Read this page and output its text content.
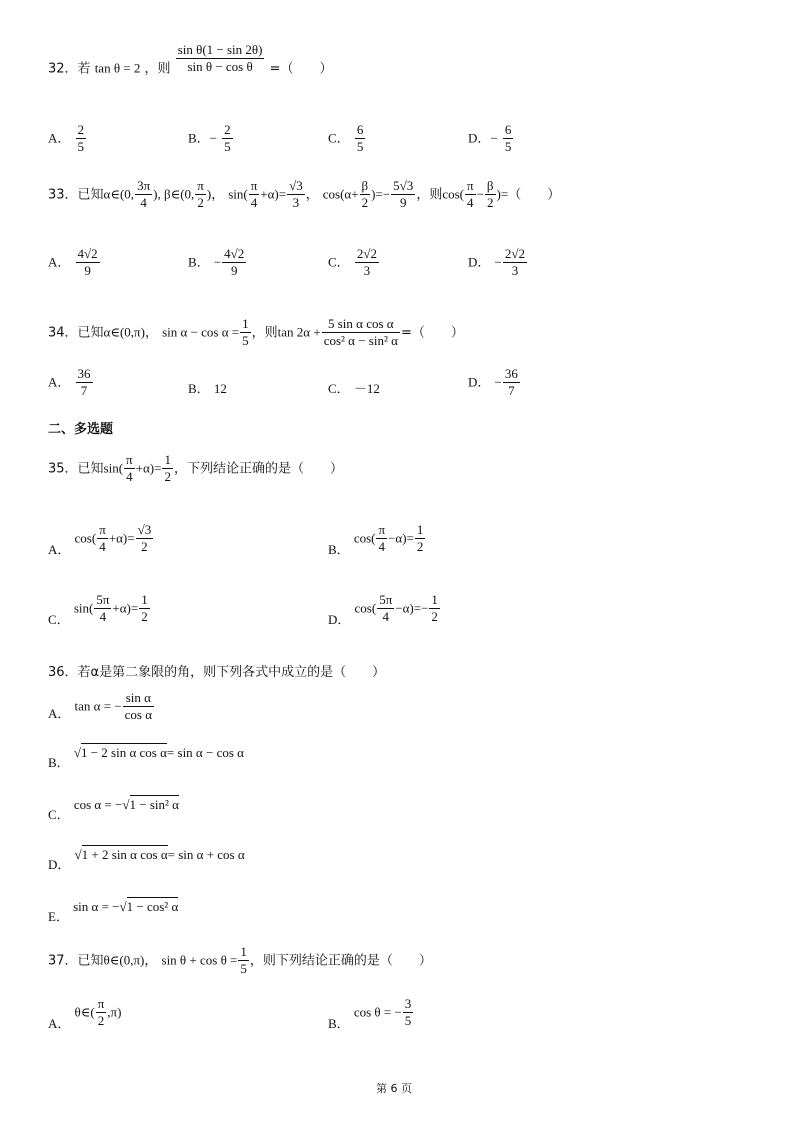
32．若 tan θ = 2 ，则 $\frac{\text{sin θ(1 − sin 2θ)}}{\text{sin θ − cos θ}}$ =（　　）
A． $\frac{2}{5}$	B．− $\frac{2}{5}$	C． $\frac{6}{5}$	D．− $\frac{6}{5}$
33．已知α∈(0, $\frac{3\pi}{4}$ ), β∈(0, $\frac{\pi}{2}$ )， $\sin( \frac{\pi}{4} +\alpha)= \frac{√3}{3}$ ， $\cos(\alpha+ \frac{\beta}{2}$ )=− $\frac{5√3}{9}$ ，则$\cos( \frac{\pi}{4} - \frac{\beta}{2}$ )=（　　）
A． $\frac{4√2}{9}$	B． − $\frac{4√2}{9}$	C． $\frac{2√2}{3}$	D． − $\frac{2√2}{3}$
34．已知α∈(0,π)， $\sin \alpha - \cos \alpha = \frac{1}{5}$ ，则$\tan 2\alpha + \frac{\text{5 sin α cos α}}{\text{cos² α − sin² α}}$ =（　　）
A． $\frac{36}{7}$	B． 12	C． －12	D． − $\frac{36}{7}$
二、多选题
35．已知$\sin( \frac{\pi}{4} +\alpha)= \frac{1}{2}$ ，下列结论正确的是（　　）
A． $\cos( \frac{\pi}{4} +\alpha)= \frac{√3}{2}$	B． $\cos( \frac{\pi}{4} -\alpha)= \frac{1}{2}$
C． $\sin( \frac{5\pi}{4} +\alpha)= \frac{1}{2}$	D． $\cos( \frac{5\pi}{4} -\alpha)=- \frac{1}{2}$
36．若α是第二象限的角，则下列各式中成立的是（　　）
A． tan α = − $\frac{\text{sin α}}{\text{cos α}}$
B． √1 − 2 sin α cos α= sin α − cos α
C． cos α = −√1 − sin² α
D． √1 + 2 sin α cos α= sin α + cos α
E． sin α = −√1 − cos² α
37．已知θ∈(0,π)， $\sin \theta + \cos \theta = \frac{1}{5}$ ，则下列结论正确的是（　　）
A． θ∈( $\frac{\pi}{2} ,\pi$)
B． cos θ = − $\frac{3}{5}$
第 6 页
